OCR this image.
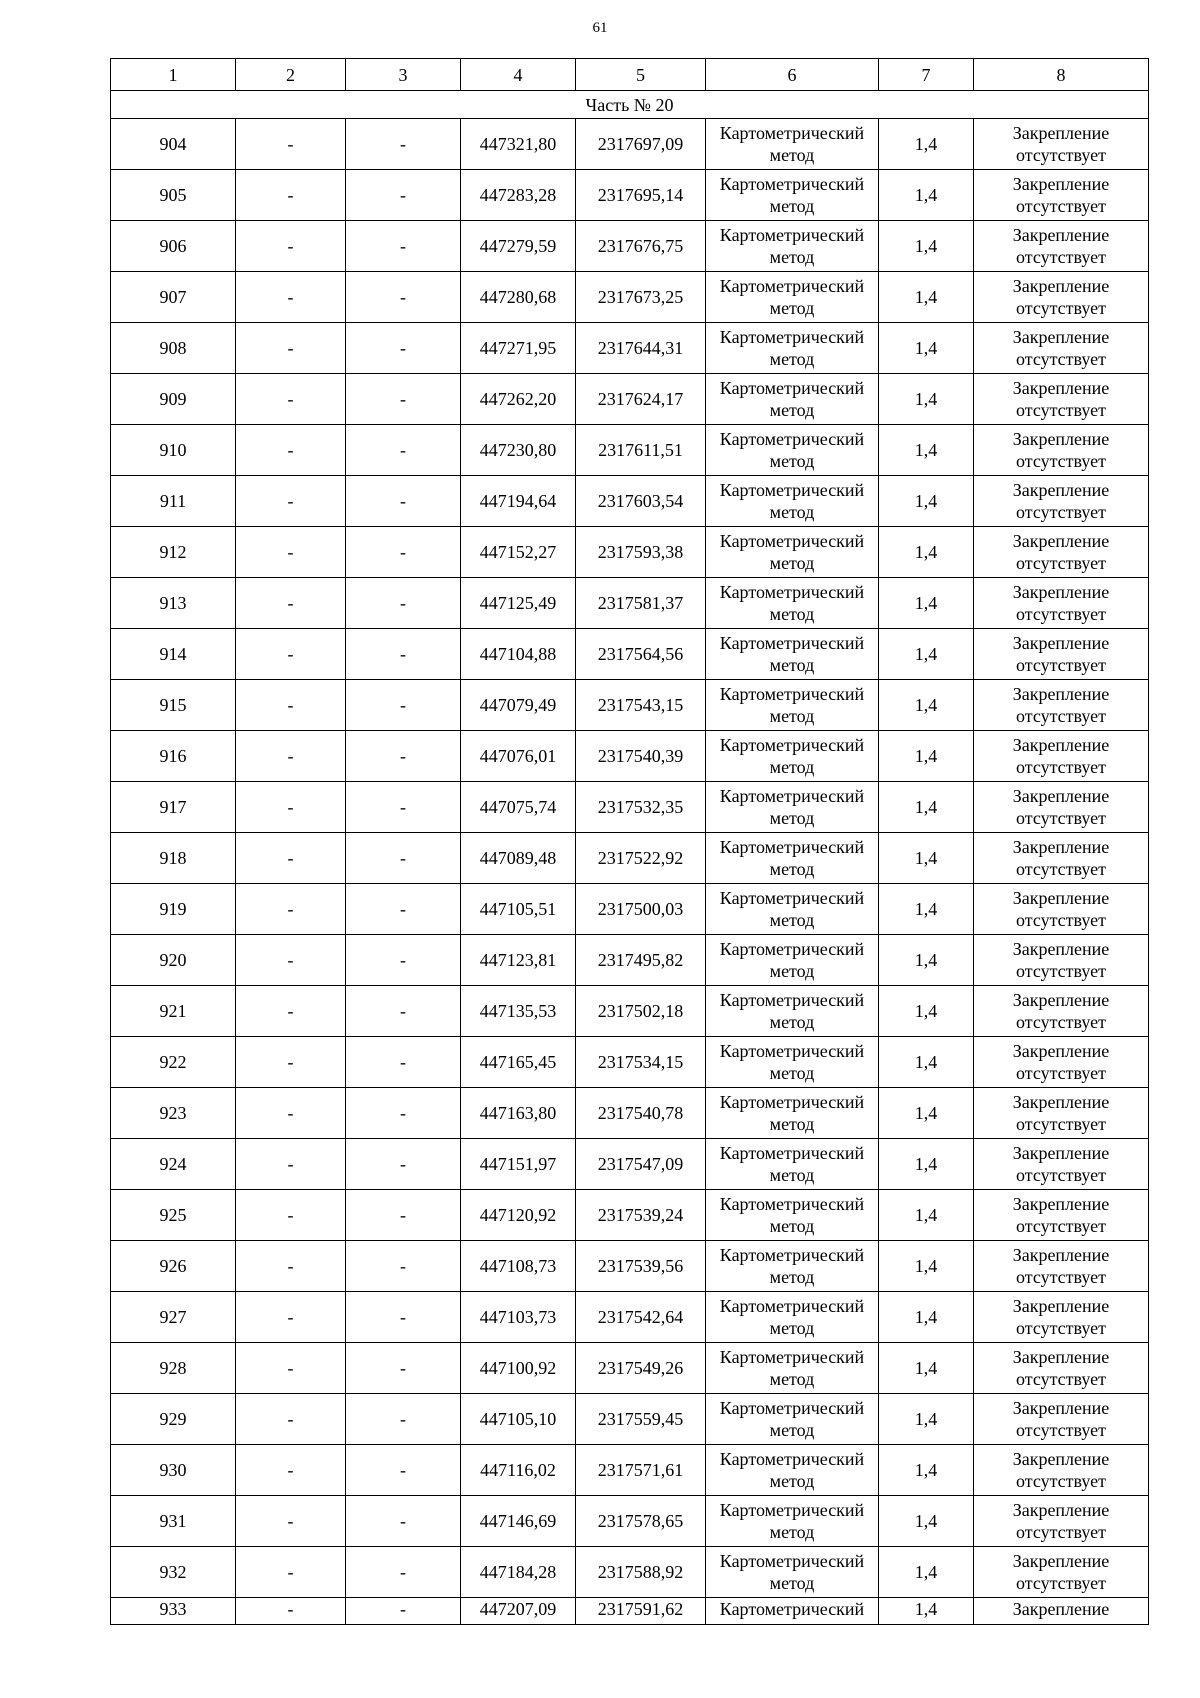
61
1	2	3	4	5	6	7	8
Часть № 20							
904	-	-	447321,80	2317697,09	Картометрический метод	1,4	Закрепление отсутствует
905	-	-	447283,28	2317695,14	Картометрический метод	1,4	Закрепление отсутствует
906	-	-	447279,59	2317676,75	Картометрический метод	1,4	Закрепление отсутствует
907	-	-	447280,68	2317673,25	Картометрический метод	1,4	Закрепление отсутствует
908	-	-	447271,95	2317644,31	Картометрический метод	1,4	Закрепление отсутствует
909	-	-	447262,20	2317624,17	Картометрический метод	1,4	Закрепление отсутствует
910	-	-	447230,80	2317611,51	Картометрический метод	1,4	Закрепление отсутствует
911	-	-	447194,64	2317603,54	Картометрический метод	1,4	Закрепление отсутствует
912	-	-	447152,27	2317593,38	Картометрический метод	1,4	Закрепление отсутствует
913	-	-	447125,49	2317581,37	Картометрический метод	1,4	Закрепление отсутствует
914	-	-	447104,88	2317564,56	Картометрический метод	1,4	Закрепление отсутствует
915	-	-	447079,49	2317543,15	Картометрический метод	1,4	Закрепление отсутствует
916	-	-	447076,01	2317540,39	Картометрический метод	1,4	Закрепление отсутствует
917	-	-	447075,74	2317532,35	Картометрический метод	1,4	Закрепление отсутствует
918	-	-	447089,48	2317522,92	Картометрический метод	1,4	Закрепление отсутствует
919	-	-	447105,51	2317500,03	Картометрический метод	1,4	Закрепление отсутствует
920	-	-	447123,81	2317495,82	Картометрический метод	1,4	Закрепление отсутствует
921	-	-	447135,53	2317502,18	Картометрический метод	1,4	Закрепление отсутствует
922	-	-	447165,45	2317534,15	Картометрический метод	1,4	Закрепление отсутствует
923	-	-	447163,80	2317540,78	Картометрический метод	1,4	Закрепление отсутствует
924	-	-	447151,97	2317547,09	Картометрический метод	1,4	Закрепление отсутствует
925	-	-	447120,92	2317539,24	Картометрический метод	1,4	Закрепление отсутствует
926	-	-	447108,73	2317539,56	Картометрический метод	1,4	Закрепление отсутствует
927	-	-	447103,73	2317542,64	Картометрический метод	1,4	Закрепление отсутствует
928	-	-	447100,92	2317549,26	Картометрический метод	1,4	Закрепление отсутствует
929	-	-	447105,10	2317559,45	Картометрический метод	1,4	Закрепление отсутствует
930	-	-	447116,02	2317571,61	Картометрический метод	1,4	Закрепление отсутствует
931	-	-	447146,69	2317578,65	Картометрический метод	1,4	Закрепление отсутствует
932	-	-	447184,28	2317588,92	Картометрический метод	1,4	Закрепление отсутствует
933	-	-	447207,09	2317591,62	Картометрический	1,4	Закрепление
